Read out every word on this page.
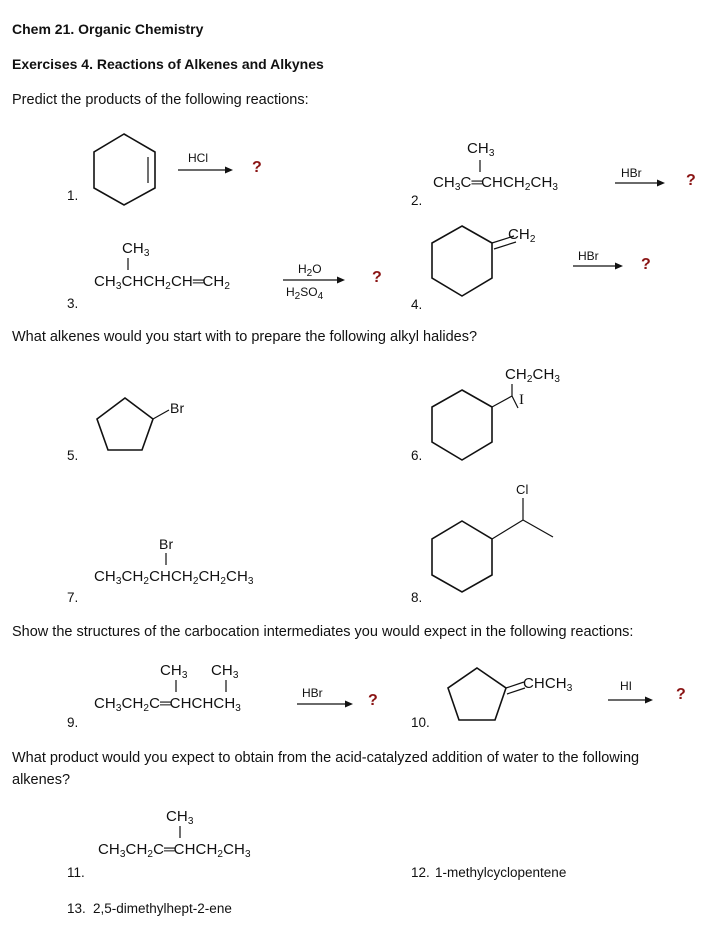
Chem 21. Organic Chemistry
Exercises 4. Reactions of Alkenes and Alkynes
Predict the products of the following reactions:
1.
HCl
?
2.
$CH_3$
$CH_3C═CHCH_2CH_3$
HBr	?
3.
$CH_3$
$CH_3CHCH_2CH═CH_2$
$H_2O$
$H_2SO_4$
?
4.
$CH_2$
HBr	?
What alkenes would you start with to prepare the following alkyl halides?
5.
Br
6.
$CH_2CH_3$
I
7.
Br
$CH_3CH_2CHCH_2CH_2CH_3$
8.
Cl
Show the structures of the carbocation intermediates you would expect in the following reactions:
9.
$CH_3$ $CH_3$
$CH_3CH_2C═CHCHCH_3$
HBr	?
10.
$CHCH_3$	HI	?
What product would you expect to obtain from the acid-catalyzed addition of water to the following
alkenes?
11.
$CH_3$
$CH_3CH_2C═CHCH_2CH_3$
12. 1-methylcyclopentene
13. 2,5-dimethylhept-2-ene
